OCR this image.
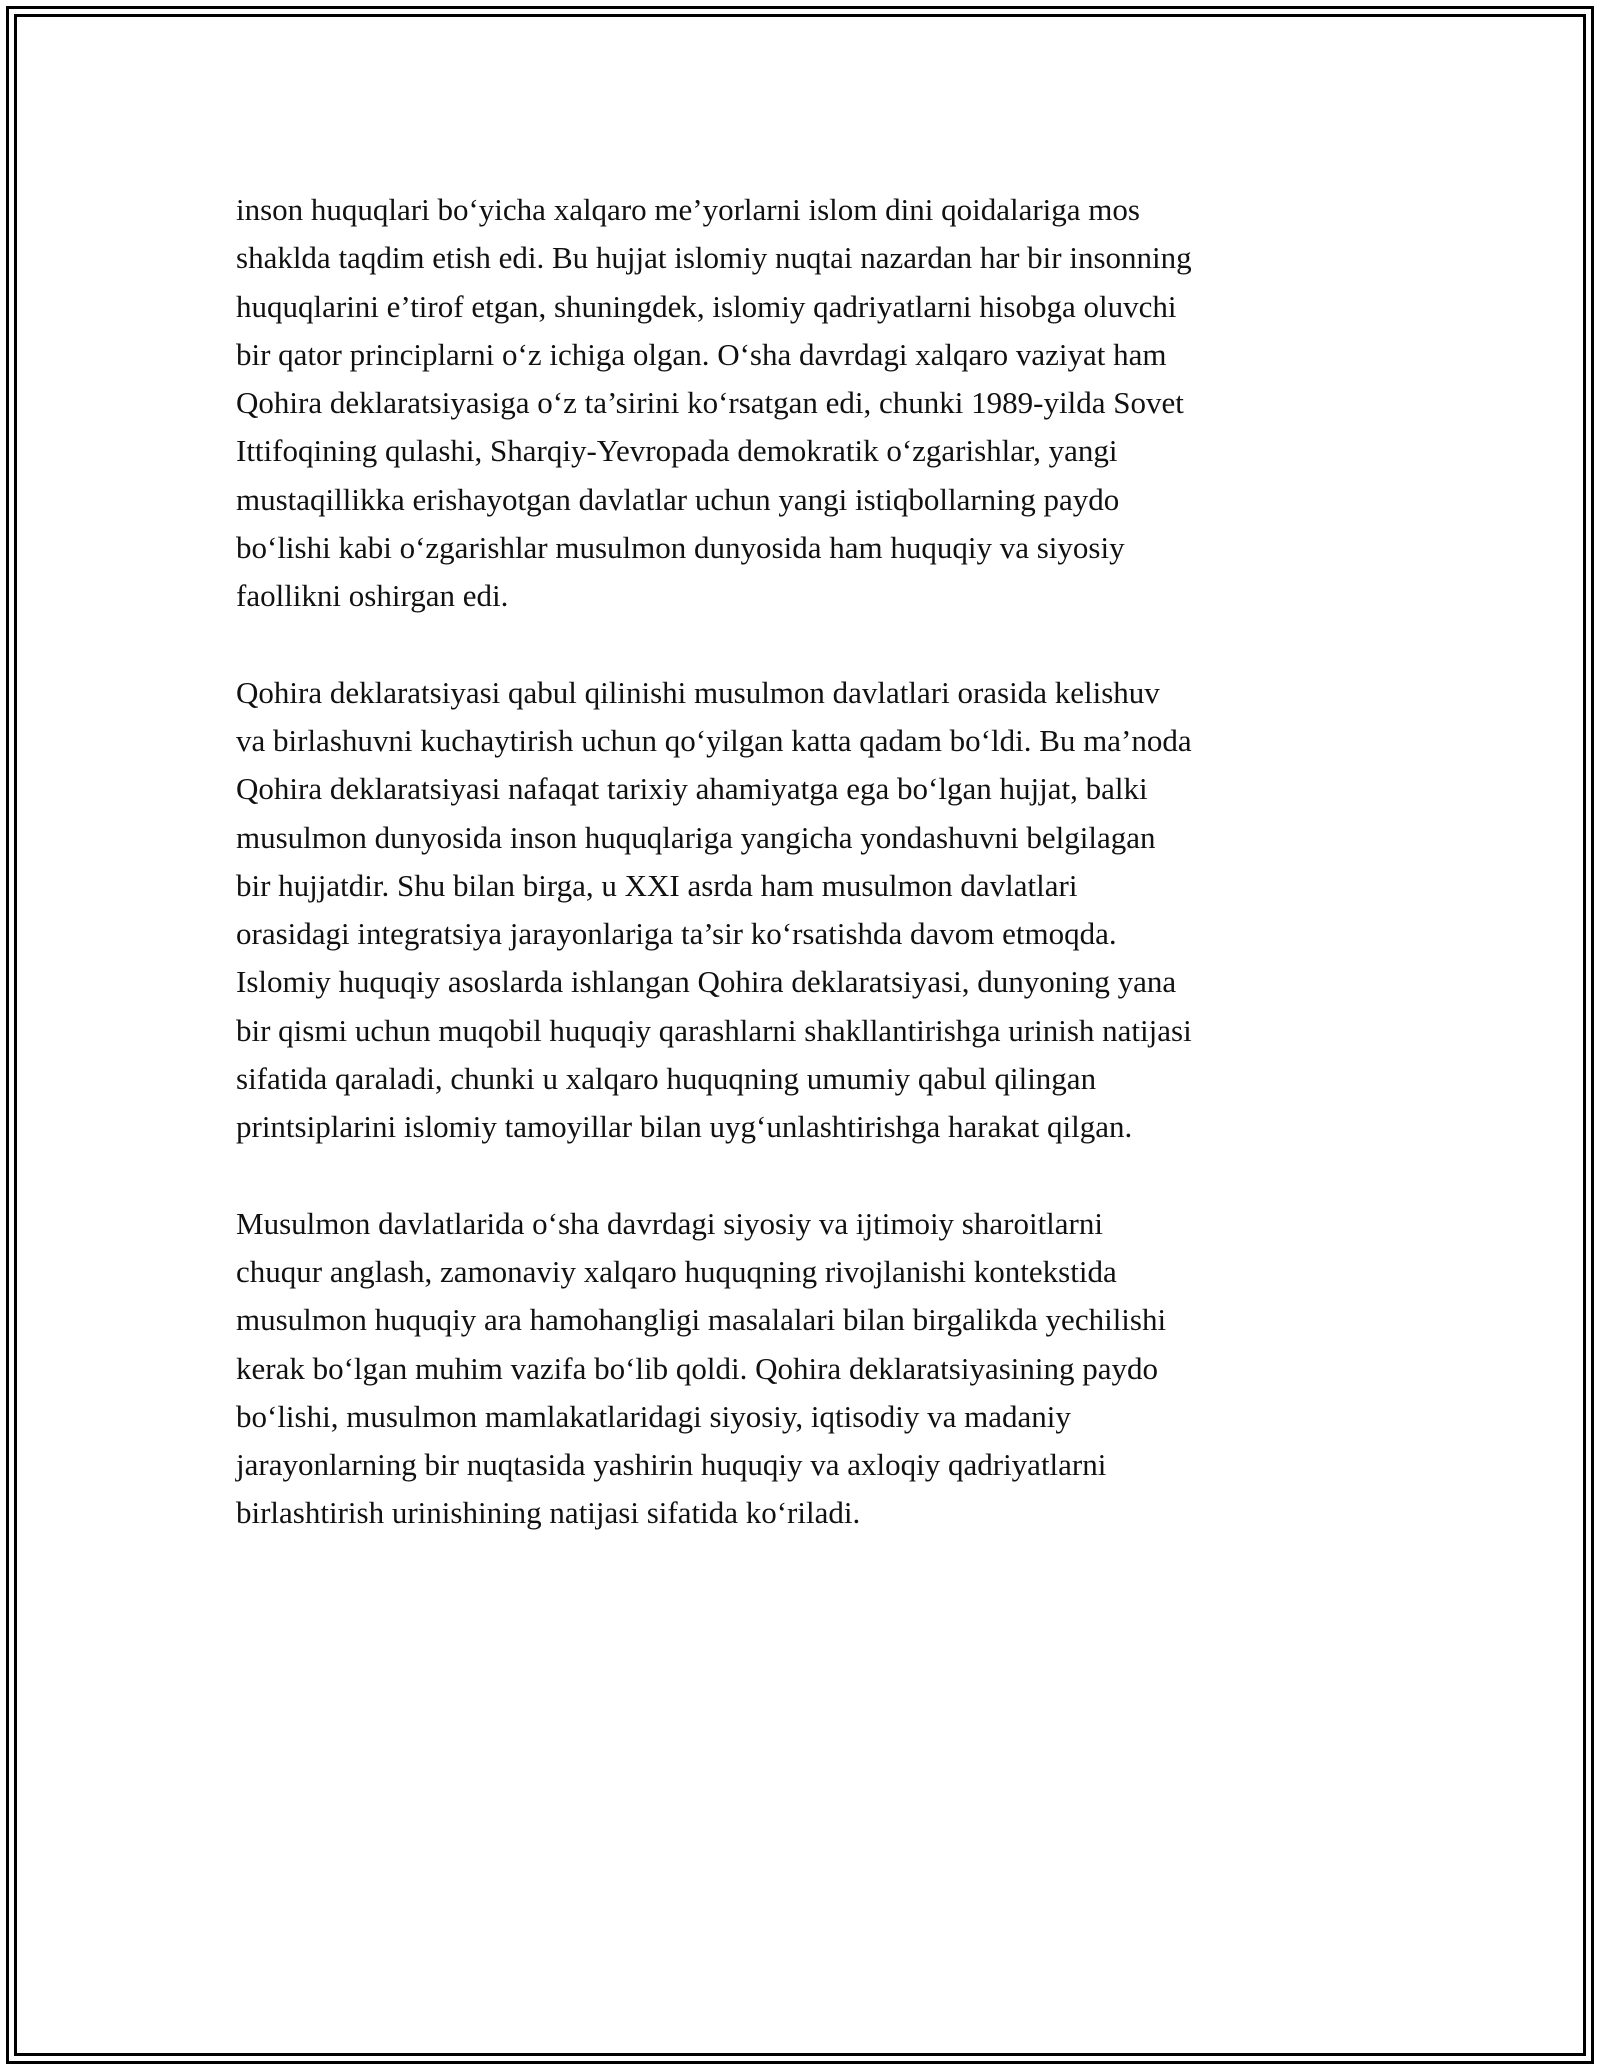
inson huquqlari bo‘yicha xalqaro me’yorlarni islom dini qoidalariga mos
shaklda taqdim etish edi. Bu hujjat islomiy nuqtai nazardan har bir insonning
huquqlarini e’tirof etgan, shuningdek, islomiy qadriyatlarni hisobga oluvchi
bir qator principlarni o‘z ichiga olgan. O‘sha davrdagi xalqaro vaziyat ham
Qohira deklaratsiyasiga o‘z ta’sirini ko‘rsatgan edi, chunki 1989-yilda Sovet
Ittifoqining qulashi, Sharqiy-Yevropada demokratik o‘zgarishlar, yangi
mustaqillikka erishayotgan davlatlar uchun yangi istiqbollarning paydo
bo‘lishi kabi o‘zgarishlar musulmon dunyosida ham huquqiy va siyosiy
faollikni oshirgan edi.

Qohira deklaratsiyasi qabul qilinishi musulmon davlatlari orasida kelishuv
va birlashuvni kuchaytirish uchun qo‘yilgan katta qadam bo‘ldi. Bu ma’noda
Qohira deklaratsiyasi nafaqat tarixiy ahamiyatga ega bo‘lgan hujjat, balki
musulmon dunyosida inson huquqlariga yangicha yondashuvni belgilagan
bir hujjatdir. Shu bilan birga, u XXI asrda ham musulmon davlatlari
orasidagi integratsiya jarayonlariga ta’sir ko‘rsatishda davom etmoqda.
Islomiy huquqiy asoslarda ishlangan Qohira deklaratsiyasi, dunyoning yana
bir qismi uchun muqobil huquqiy qarashlarni shakllantirishga urinish natijasi
sifatida qaraladi, chunki u xalqaro huquqning umumiy qabul qilingan
printsiplarini islomiy tamoyillar bilan uyg‘unlashtirishga harakat qilgan.

Musulmon davlatlarida o‘sha davrdagi siyosiy va ijtimoiy sharoitlarni
chuqur anglash, zamonaviy xalqaro huquqning rivojlanishi kontekstida
musulmon huquqiy ara hamohangligi masalalari bilan birgalikda yechilishi
kerak bo‘lgan muhim vazifa bo‘lib qoldi. Qohira deklaratsiyasining paydo
bo‘lishi, musulmon mamlakatlaridagi siyosiy, iqtisodiy va madaniy
jarayonlarning bir nuqtasida yashirin huquqiy va axloqiy qadriyatlarni
birlashtirish urinishining natijasi sifatida ko‘riladi.
